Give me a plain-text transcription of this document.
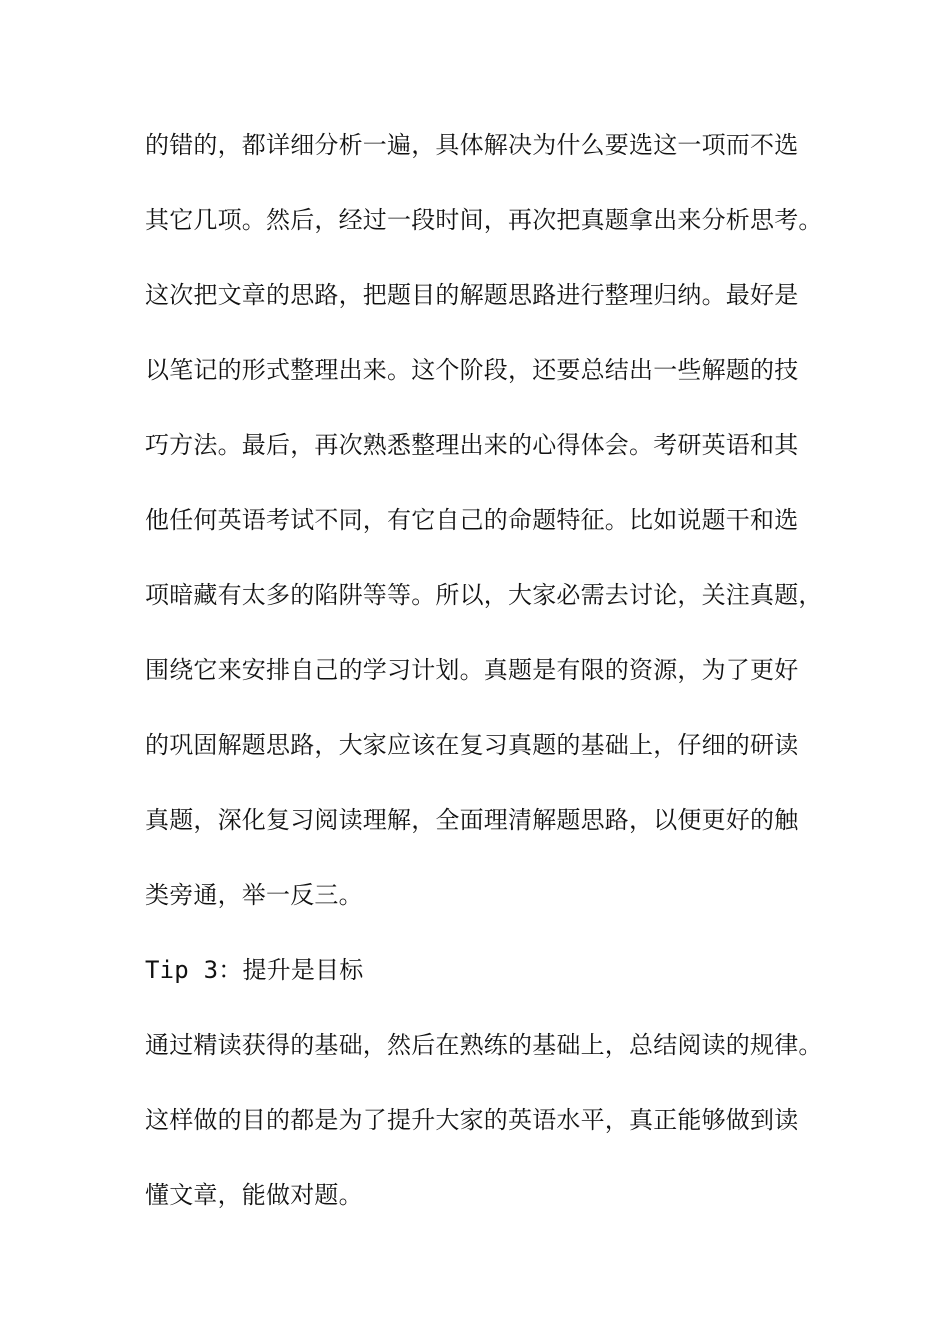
的错的，都详细分析一遍，具体解决为什么要选这一项而不选
其它几项。然后，经过一段时间，再次把真题拿出来分析思考。
这次把文章的思路，把题目的解题思路进行整理归纳。最好是
以笔记的形式整理出来。这个阶段，还要总结出一些解题的技
巧方法。最后，再次熟悉整理出来的心得体会。考研英语和其
他任何英语考试不同，有它自己的命题特征。比如说题干和选
项暗藏有太多的陷阱等等。所以，大家必需去讨论，关注真题，
围绕它来安排自己的学习计划。真题是有限的资源，为了更好
的巩固解题思路，大家应该在复习真题的基础上，仔细的研读
真题，深化复习阅读理解，全面理清解题思路，以便更好的触
类旁通，举一反三。
Tip 3：提升是目标
通过精读获得的基础，然后在熟练的基础上，总结阅读的规律。
这样做的目的都是为了提升大家的英语水平，真正能够做到读
懂文章，能做对题。
